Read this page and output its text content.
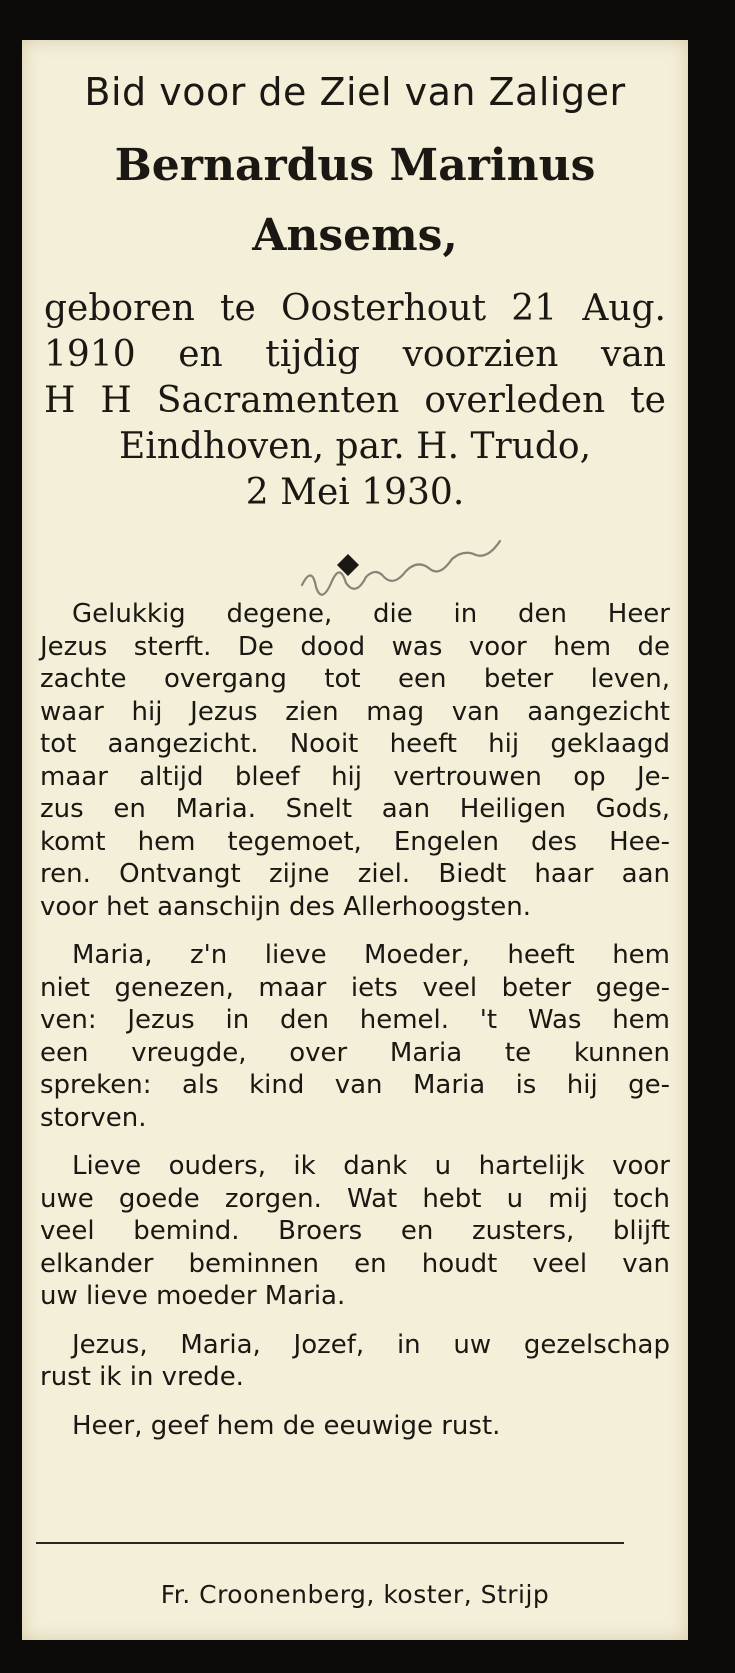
Bid voor de Ziel van Zaliger
Bernardus Marinus
Ansems,
geboren te Oosterhout 21 Aug.
1910 en tijdig voorzien van
H H Sacramenten overleden te
Eindhoven, par. H. Trudo,
2 Mei 1930.

Gelukkig degene, die in den Heer
Jezus sterft. De dood was voor hem de
zachte overgang tot een beter leven,
waar hij Jezus zien mag van aangezicht
tot aangezicht. Nooit heeft hij geklaagd
maar altijd bleef hij vertrouwen op Je-
zus en Maria. Snelt aan Heiligen Gods,
komt hem tegemoet, Engelen des Hee-
ren. Ontvangt zijne ziel. Biedt haar aan
voor het aanschijn des Allerhoogsten.

Maria, z'n lieve Moeder, heeft hem
niet genezen, maar iets veel beter gege-
ven: Jezus in den hemel. 't Was hem
een vreugde, over Maria te kunnen
spreken: als kind van Maria is hij ge-
storven.

Lieve ouders, ik dank u hartelijk voor
uwe goede zorgen. Wat hebt u mij toch
veel bemind. Broers en zusters, blijft
elkander beminnen en houdt veel van
uw lieve moeder Maria.

Jezus, Maria, Jozef, in uw gezelschap
rust ik in vrede.

Heer, geef hem de eeuwige rust.

Fr. Croonenberg, koster, Strijp
